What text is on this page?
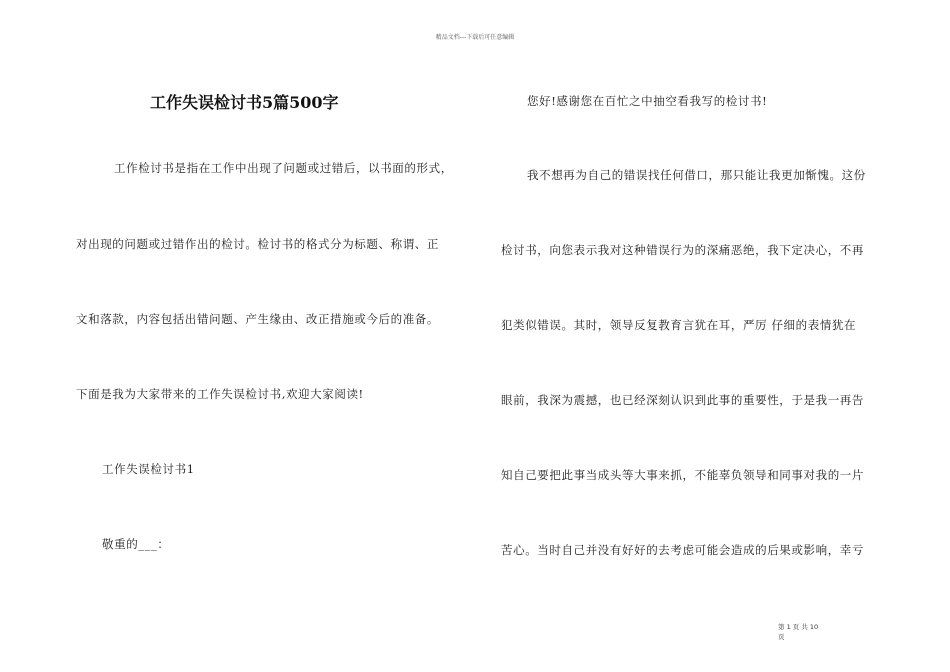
精品文档---下载后可任意编辑
工作失误检讨书5篇500字
工作检讨书是指在工作中出现了问题或过错后，以书面的形式，
对出现的问题或过错作出的检讨。检讨书的格式分为标题、称谓、正
文和落款，内容包括出错问题、产生缘由、改正措施或今后的准备。
下面是我为大家带来的工作失误检讨书,欢迎大家阅读!
工作失误检讨书1
敬重的___：
您好!感谢您在百忙之中抽空看我写的检讨书!
我不想再为自己的错误找任何借口，那只能让我更加惭愧。这份
检讨书，向您表示我对这种错误行为的深痛恶绝，我下定决心，不再
犯类似错误。其时，领导反复教育言犹在耳，严厉 仔细的表情犹在
眼前，我深为震撼，也已经深刻认识到此事的重要性，于是我一再告
知自己要把此事当成头等大事来抓，不能辜负领导和同事对我的一片
苦心。当时自己并没有好好的去考虑可能会造成的后果或影响，幸亏
第 1 页 共 10
页
